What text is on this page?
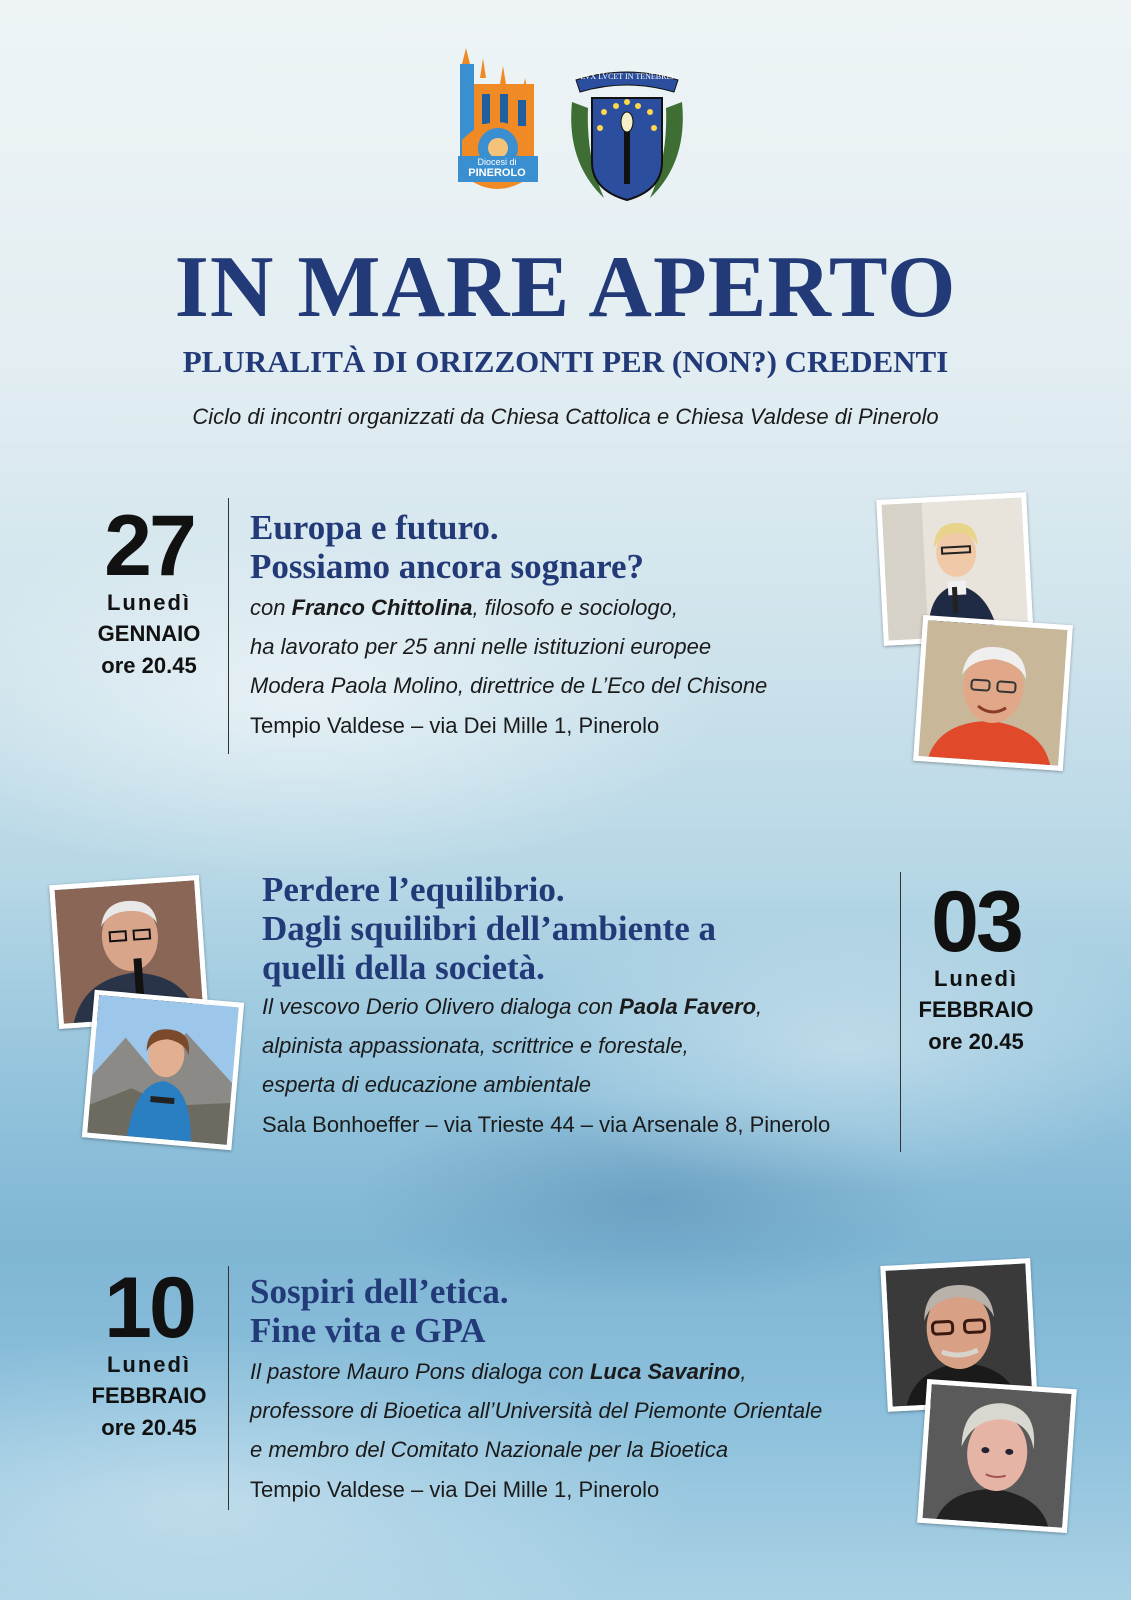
Diocesi di
PINEROLO
LVX LVCET IN TENEBRIS
IN MARE APERTO
PLURALITÀ DI ORIZZONTI PER (NON?) CREDENTI
Ciclo di incontri organizzati da Chiesa Cattolica e Chiesa Valdese di Pinerolo
27
Lunedì
GENNAIO
ore 20.45
Europa e futuro.
Possiamo ancora sognare?
con Franco Chittolina, filosofo e sociologo,
ha lavorato per 25 anni nelle istituzioni europee
Modera Paola Molino, direttrice de L’Eco del Chisone
Tempio Valdese – via Dei Mille 1, Pinerolo
Perdere l’equilibrio.
Dagli squilibri dell’ambiente a
quelli della società.
Il vescovo Derio Olivero dialoga con Paola Favero,
alpinista appassionata, scrittrice e forestale,
esperta di educazione ambientale
Sala Bonhoeffer – via Trieste 44 – via Arsenale 8, Pinerolo
03
Lunedì
FEBBRAIO
ore 20.45
10
Lunedì
FEBBRAIO
ore 20.45
Sospiri dell’etica.
Fine vita e GPA
Il pastore Mauro Pons dialoga con Luca Savarino,
professore di Bioetica all’Università del Piemonte Orientale
e membro del Comitato Nazionale per la Bioetica
Tempio Valdese – via Dei Mille 1, Pinerolo
